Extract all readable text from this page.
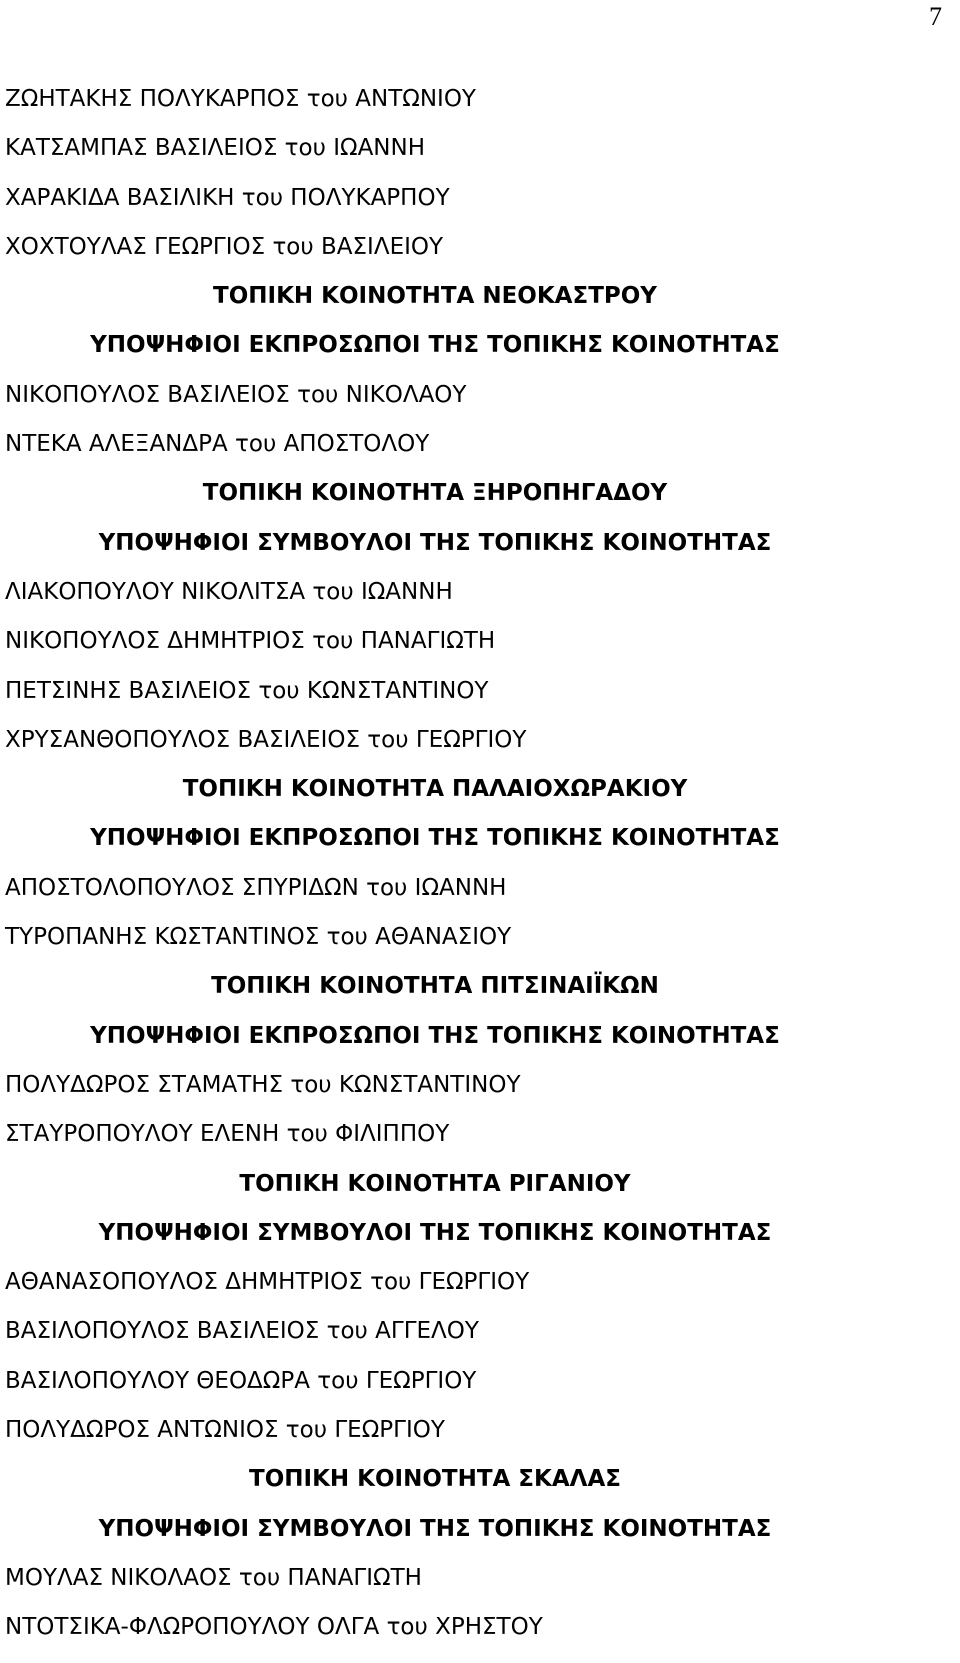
7
ΖΩΗΤΑΚΗΣ ΠΟΛΥΚΑΡΠΟΣ του ΑΝΤΩΝΙΟΥ
ΚΑΤΣΑΜΠΑΣ ΒΑΣΙΛΕΙΟΣ του ΙΩΑΝΝΗ
ΧΑΡΑΚΙΔΑ ΒΑΣΙΛΙΚΗ του ΠΟΛΥΚΑΡΠΟΥ
ΧΟΧΤΟΥΛΑΣ ΓΕΩΡΓΙΟΣ του ΒΑΣΙΛΕΙΟΥ
ΤΟΠΙΚΗ ΚΟΙΝΟΤΗΤΑ ΝΕΟΚΑΣΤΡΟΥ
ΥΠΟΨΗΦΙΟΙ ΕΚΠΡΟΣΩΠΟΙ ΤΗΣ ΤΟΠΙΚΗΣ ΚΟΙΝΟΤΗΤΑΣ
ΝΙΚΟΠΟΥΛΟΣ ΒΑΣΙΛΕΙΟΣ του ΝΙΚΟΛΑΟΥ
ΝΤΕΚΑ ΑΛΕΞΑΝΔΡΑ του ΑΠΟΣΤΟΛΟΥ
ΤΟΠΙΚΗ ΚΟΙΝΟΤΗΤΑ ΞΗΡΟΠΗΓΑΔΟΥ
ΥΠΟΨΗΦΙΟΙ ΣΥΜΒΟΥΛΟΙ ΤΗΣ ΤΟΠΙΚΗΣ ΚΟΙΝΟΤΗΤΑΣ
ΛΙΑΚΟΠΟΥΛΟΥ ΝΙΚΟΛΙΤΣΑ του ΙΩΑΝΝΗ
ΝΙΚΟΠΟΥΛΟΣ ΔΗΜΗΤΡΙΟΣ του ΠΑΝΑΓΙΩΤΗ
ΠΕΤΣΙΝΗΣ ΒΑΣΙΛΕΙΟΣ του ΚΩΝΣΤΑΝΤΙΝΟΥ
ΧΡΥΣΑΝΘΟΠΟΥΛΟΣ ΒΑΣΙΛΕΙΟΣ του ΓΕΩΡΓΙΟΥ
ΤΟΠΙΚΗ ΚΟΙΝΟΤΗΤΑ ΠΑΛΑΙΟΧΩΡΑΚΙΟΥ
ΥΠΟΨΗΦΙΟΙ ΕΚΠΡΟΣΩΠΟΙ ΤΗΣ ΤΟΠΙΚΗΣ ΚΟΙΝΟΤΗΤΑΣ
ΑΠΟΣΤΟΛΟΠΟΥΛΟΣ ΣΠΥΡΙΔΩΝ του ΙΩΑΝΝΗ
ΤΥΡΟΠΑΝΗΣ ΚΩΣΤΑΝΤΙΝΟΣ του ΑΘΑΝΑΣΙΟΥ
ΤΟΠΙΚΗ ΚΟΙΝΟΤΗΤΑ ΠΙΤΣΙΝΑΙΪΚΩΝ
ΥΠΟΨΗΦΙΟΙ ΕΚΠΡΟΣΩΠΟΙ ΤΗΣ ΤΟΠΙΚΗΣ ΚΟΙΝΟΤΗΤΑΣ
ΠΟΛΥΔΩΡΟΣ ΣΤΑΜΑΤΗΣ του ΚΩΝΣΤΑΝΤΙΝΟΥ
ΣΤΑΥΡΟΠΟΥΛΟΥ ΕΛΕΝΗ του ΦΙΛΙΠΠΟΥ
ΤΟΠΙΚΗ ΚΟΙΝΟΤΗΤΑ ΡΙΓΑΝΙΟΥ
ΥΠΟΨΗΦΙΟΙ ΣΥΜΒΟΥΛΟΙ ΤΗΣ ΤΟΠΙΚΗΣ ΚΟΙΝΟΤΗΤΑΣ
ΑΘΑΝΑΣΟΠΟΥΛΟΣ ΔΗΜΗΤΡΙΟΣ του ΓΕΩΡΓΙΟΥ
ΒΑΣΙΛΟΠΟΥΛΟΣ ΒΑΣΙΛΕΙΟΣ του ΑΓΓΕΛΟΥ
ΒΑΣΙΛΟΠΟΥΛΟΥ ΘΕΟΔΩΡΑ του ΓΕΩΡΓΙΟΥ
ΠΟΛΥΔΩΡΟΣ ΑΝΤΩΝΙΟΣ του ΓΕΩΡΓΙΟΥ
ΤΟΠΙΚΗ ΚΟΙΝΟΤΗΤΑ ΣΚΑΛΑΣ
ΥΠΟΨΗΦΙΟΙ ΣΥΜΒΟΥΛΟΙ ΤΗΣ ΤΟΠΙΚΗΣ ΚΟΙΝΟΤΗΤΑΣ
ΜΟΥΛΑΣ ΝΙΚΟΛΑΟΣ του ΠΑΝΑΓΙΩΤΗ
ΝΤΟΤΣΙΚΑ-ΦΛΩΡΟΠΟΥΛΟΥ ΟΛΓΑ του ΧΡΗΣΤΟΥ
